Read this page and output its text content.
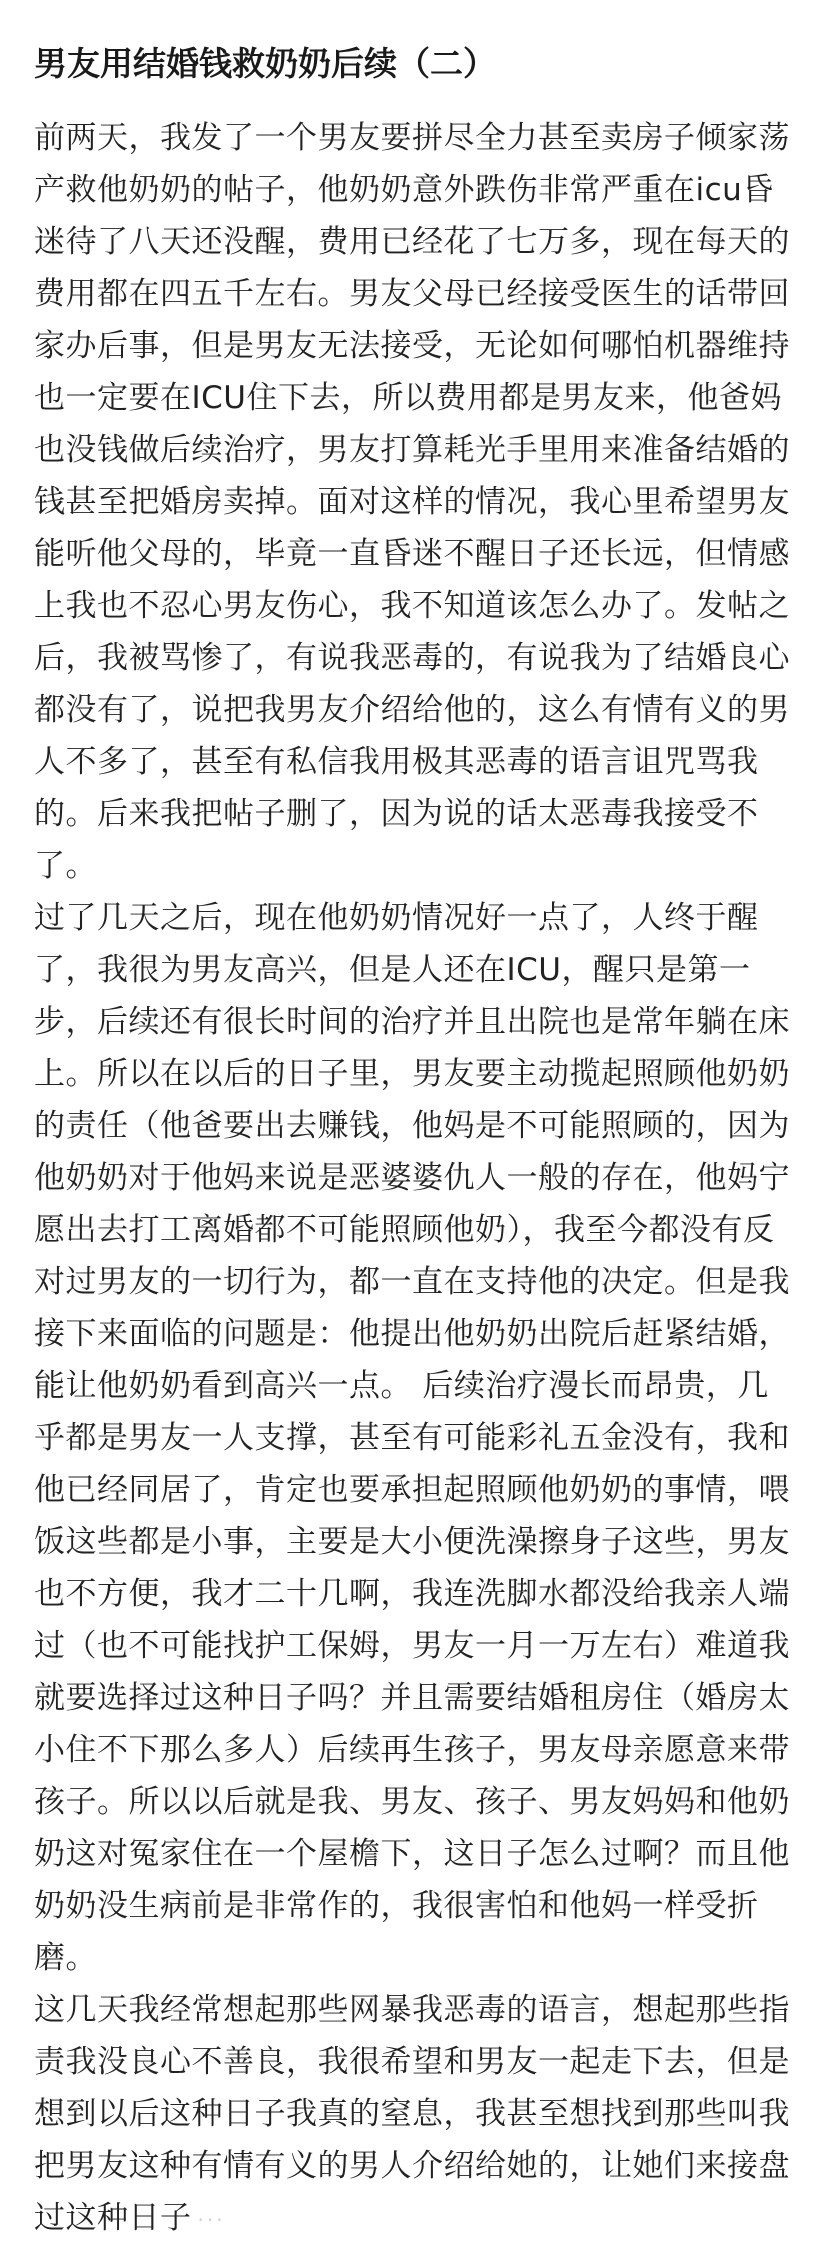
男友用结婚钱救奶奶后续（二）

前两天，我发了一个男友要拼尽全力甚至卖房子倾家荡产救他奶奶的帖子，他奶奶意外跌伤非常严重在icu昏迷待了八天还没醒，费用已经花了七万多，现在每天的费用都在四五千左右。男友父母已经接受医生的话带回家办后事，但是男友无法接受，无论如何哪怕机器维持也一定要在ICU住下去，所以费用都是男友来，他爸妈也没钱做后续治疗，男友打算耗光手里用来准备结婚的钱甚至把婚房卖掉。面对这样的情况，我心里希望男友能听他父母的，毕竟一直昏迷不醒日子还长远，但情感上我也不忍心男友伤心，我不知道该怎么办了。发帖之后，我被骂惨了，有说我恶毒的，有说我为了结婚良心都没有了，说把我男友介绍给他的，这么有情有义的男人不多了，甚至有私信我用极其恶毒的语言诅咒骂我的。后来我把帖子删了，因为说的话太恶毒我接受不了。

过了几天之后，现在他奶奶情况好一点了，人终于醒了，我很为男友高兴，但是人还在ICU，醒只是第一步，后续还有很长时间的治疗并且出院也是常年躺在床上。所以在以后的日子里，男友要主动揽起照顾他奶奶的责任（他爸要出去赚钱，他妈是不可能照顾的，因为他奶奶对于他妈来说是恶婆婆仇人一般的存在，他妈宁愿出去打工离婚都不可能照顾他奶），我至今都没有反对过男友的一切行为，都一直在支持他的决定。但是我接下来面临的问题是：他提出他奶奶出院后赶紧结婚，能让他奶奶看到高兴一点。 后续治疗漫长而昂贵，几乎都是男友一人支撑，甚至有可能彩礼五金没有，我和他已经同居了，肯定也要承担起照顾他奶奶的事情，喂饭这些都是小事，主要是大小便洗澡擦身子这些，男友也不方便，我才二十几啊，我连洗脚水都没给我亲人端过（也不可能找护工保姆，男友一月一万左右）难道我就要选择过这种日子吗？并且需要结婚租房住（婚房太小住不下那么多人）后续再生孩子，男友母亲愿意来带孩子。所以以后就是我、男友、孩子、男友妈妈和他奶奶这对冤家住在一个屋檐下，这日子怎么过啊？而且他奶奶没生病前是非常作的，我很害怕和他妈一样受折磨。

这几天我经常想起那些网暴我恶毒的语言，想起那些指责我没良心不善良，我很希望和男友一起走下去，但是想到以后这种日子我真的窒息，我甚至想找到那些叫我把男友这种有情有义的男人介绍给她的，让她们来接盘过这种日子 ···
